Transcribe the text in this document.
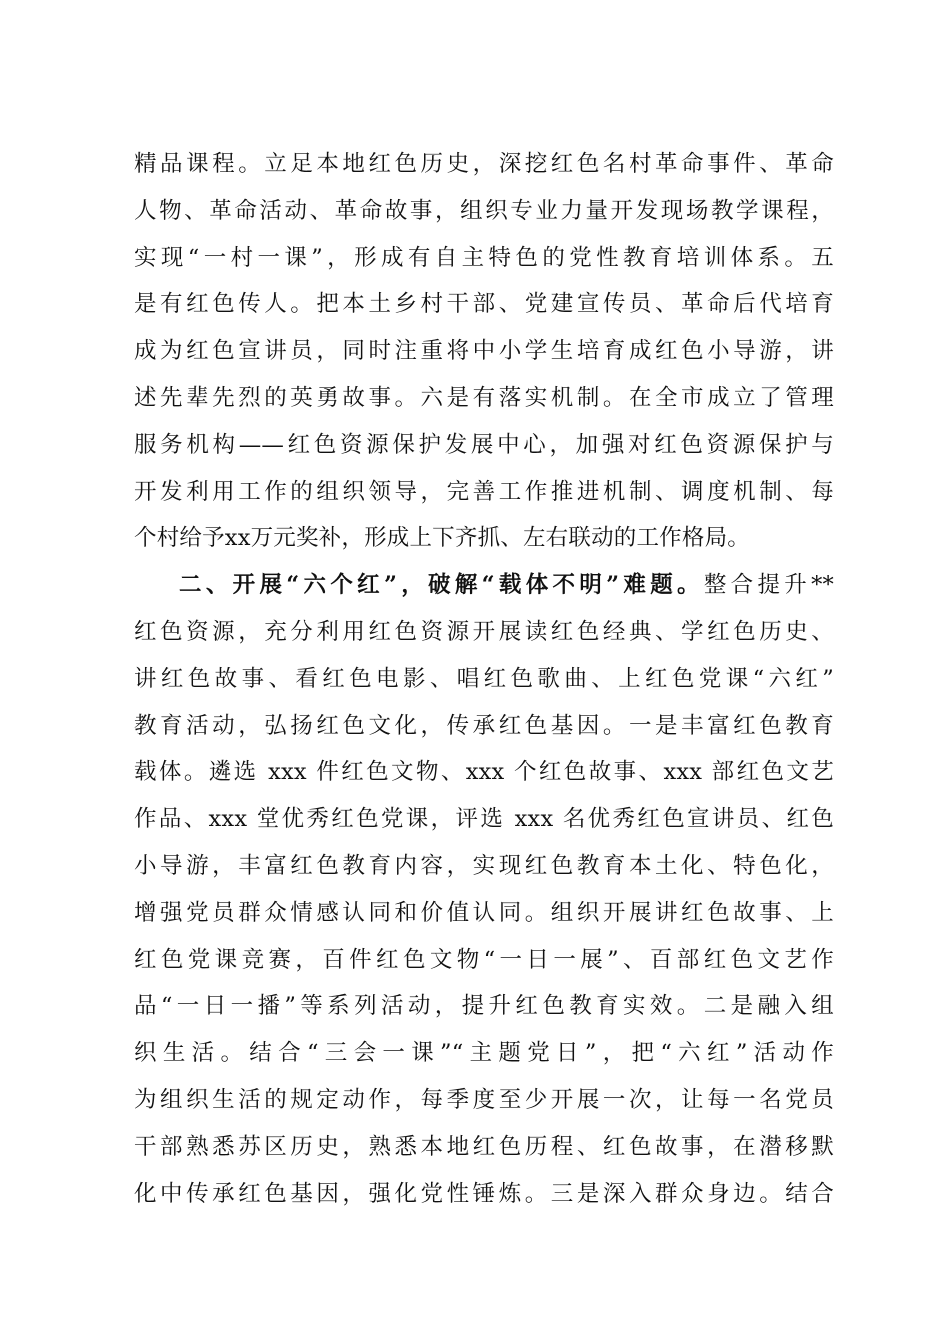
精品课程。立足本地红色历史，深挖红色名村革命事件、革命
人物、革命活动、革命故事，组织专业力量开发现场教学课程，
实现“一村一课”，形成有自主特色的党性教育培训体系。五
是有红色传人。把本土乡村干部、党建宣传员、革命后代培育
成为红色宣讲员，同时注重将中小学生培育成红色小导游，讲
述先辈先烈的英勇故事。六是有落实机制。在全市成立了管理
服务机构——红色资源保护发展中心，加强对红色资源保护与
开发利用工作的组织领导，完善工作推进机制、调度机制、每
个村给予xx万元奖补，形成上下齐抓、左右联动的工作格局。
二、开展“六个红”，破解“载体不明”难题。整合提升**
红色资源，充分利用红色资源开展读红色经典、学红色历史、
讲红色故事、看红色电影、唱红色歌曲、上红色党课“六红”
教育活动，弘扬红色文化，传承红色基因。一是丰富红色教育
载体。遴选 xxx 件红色文物、xxx 个红色故事、xxx 部红色文艺
作品、xxx 堂优秀红色党课，评选 xxx 名优秀红色宣讲员、红色
小导游，丰富红色教育内容，实现红色教育本土化、特色化，
增强党员群众情感认同和价值认同。组织开展讲红色故事、上
红色党课竞赛，百件红色文物“一日一展”、百部红色文艺作
品“一日一播”等系列活动，提升红色教育实效。二是融入组
织生活。结合“三会一课”“主题党日”，把“六红”活动作
为组织生活的规定动作，每季度至少开展一次，让每一名党员
干部熟悉苏区历史，熟悉本地红色历程、红色故事，在潜移默
化中传承红色基因，强化党性锤炼。三是深入群众身边。结合
